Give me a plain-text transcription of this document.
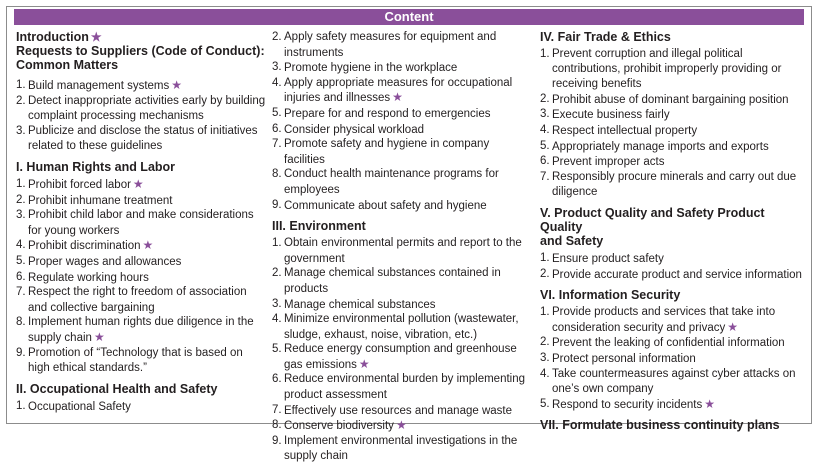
Content
Introduction ★
Requests to Suppliers (Code of Conduct):
Common Matters
1. Build management systems ★
2. Detect inappropriate activities early by building complaint processing mechanisms
3. Publicize and disclose the status of initiatives related to these guidelines
I. Human Rights and Labor
1. Prohibit forced labor ★
2. Prohibit inhumane treatment
3. Prohibit child labor and make considerations for young workers
4. Prohibit discrimination ★
5. Proper wages and allowances
6. Regulate working hours
7. Respect the right to freedom of association and collective bargaining
8. Implement human rights due diligence in the supply chain ★
9. Promotion of “Technology that is based on high ethical standards.”
II. Occupational Health and Safety
1. Occupational Safety
2. Apply safety measures for equipment and instruments
3. Promote hygiene in the workplace
4. Apply appropriate measures for occupational injuries and illnesses ★
5. Prepare for and respond to emergencies
6. Consider physical workload
7. Promote safety and hygiene in company facilities
8. Conduct health maintenance programs for employees
9. Communicate about safety and hygiene
III. Environment
1. Obtain environmental permits and report to the government
2. Manage chemical substances contained in products
3. Manage chemical substances
4. Minimize environmental pollution (wastewater, sludge, exhaust, noise, vibration, etc.)
5. Reduce energy consumption and greenhouse gas emissions ★
6. Reduce environmental burden by implementing product assessment
7. Effectively use resources and manage waste
8. Conserve biodiversity ★
9. Implement environmental investigations in the supply chain
IV. Fair Trade & Ethics
1. Prevent corruption and illegal political contributions, prohibit improperly providing or receiving benefits
2. Prohibit abuse of dominant bargaining position
3. Execute business fairly
4. Respect intellectual property
5. Appropriately manage imports and exports
6. Prevent improper acts
7. Responsibly procure minerals and carry out due diligence
V. Product Quality and Safety Product Quality
and Safety
1. Ensure product safety
2. Provide accurate product and service information
VI. Information Security
1. Provide products and services that take into consideration security and privacy ★
2. Prevent the leaking of confidential information
3. Protect personal information
4. Take countermeasures against cyber attacks on one’s own company
5. Respond to security incidents ★
VII. Formulate business continuity plans
